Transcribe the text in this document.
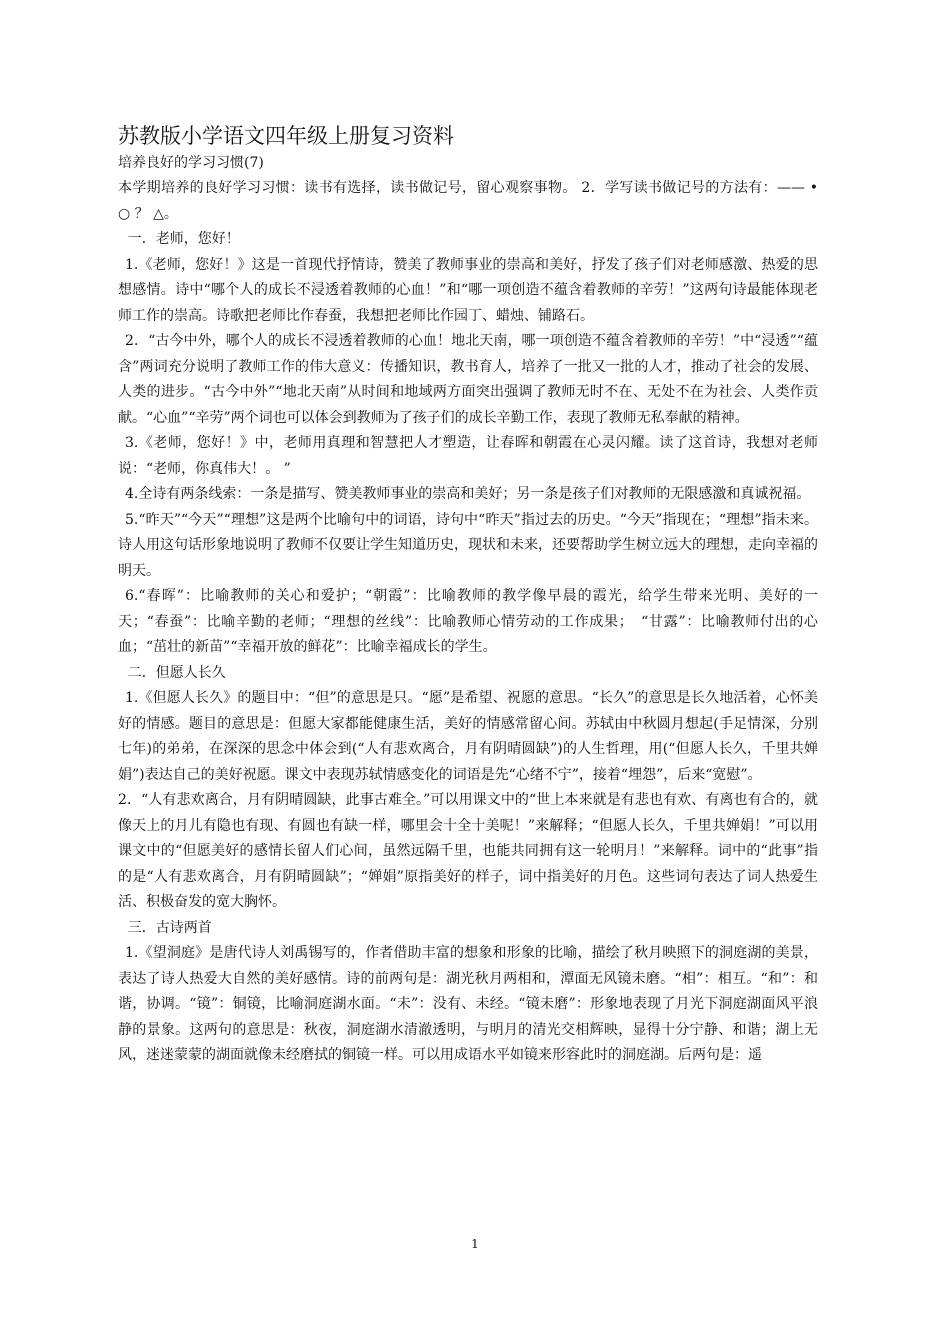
苏教版小学语文四年级上册复习资料

培养良好的学习习惯(7)

本学期培养的良好学习习惯：读书有选择，读书做记号，留心观察事物。 2．学写读书做记号的方法有：—— • ○ ？ △。

一．老师，您好！

1.《老师，您好！》这是一首现代抒情诗，赞美了教师事业的崇高和美好，抒发了孩子们对老师感激、热爱的思想感情。诗中“哪个人的成长不浸透着教师的心血！”和“哪一项创造不蕴含着教师的辛劳！”这两句诗最能体现老师工作的崇高。诗歌把老师比作春蚕，我想把老师比作园丁、蜡烛、铺路石。

2．“古今中外，哪个人的成长不浸透着教师的心血！地北天南，哪一项创造不蕴含着教师的辛劳！”中“浸透”“蕴含”两词充分说明了教师工作的伟大意义：传播知识，教书育人，培养了一批又一批的人才，推动了社会的发展、人类的进步。“古今中外”“地北天南”从时间和地域两方面突出强调了教师无时不在、无处不在为社会、人类作贡献。“心血”“辛劳”两个词也可以体会到教师为了孩子们的成长辛勤工作，表现了教师无私奉献的精神。

3.《老师，您好！》中，老师用真理和智慧把人才塑造，让春晖和朝霞在心灵闪耀。读了这首诗，我想对老师说：“老师，你真伟大！。 ”

4.全诗有两条线索：一条是描写、赞美教师事业的崇高和美好；另一条是孩子们对教师的无限感激和真诚祝福。

5.“昨天”“今天”“理想”这是两个比喻句中的词语，诗句中“昨天”指过去的历史。“今天”指现在；“理想”指未来。诗人用这句话形象地说明了教师不仅要让学生知道历史，现状和未来，还要帮助学生树立远大的理想，走向幸福的明天。

6.“春晖”：比喻教师的关心和爱护；“朝霞”：比喻教师的教学像早晨的霞光，给学生带来光明、美好的一天；“春蚕”：比喻辛勤的老师；“理想的丝线”：比喻教师心情劳动的工作成果；　“甘露”：比喻教师付出的心血；“茁壮的新苗”“幸福开放的鲜花”：比喻幸福成长的学生。

二．但愿人长久

1.《但愿人长久》的题目中：“但”的意思是只。“愿”是希望、祝愿的意思。“长久”的意思是长久地活着，心怀美好的情感。题目的意思是：但愿大家都能健康生活，美好的情感常留心间。苏轼由中秋圆月想起(手足情深，分别七年)的弟弟，在深深的思念中体会到(“人有悲欢离合，月有阴晴圆缺”)的人生哲理，用(“但愿人长久，千里共婵娟”)表达自己的美好祝愿。课文中表现苏轼情感变化的词语是先“心绪不宁”，接着“埋怨”，后来“宽慰”。

2．“人有悲欢离合，月有阴晴圆缺，此事古难全。”可以用课文中的“世上本来就是有悲也有欢、有离也有合的，就像天上的月儿有隐也有现、有圆也有缺一样，哪里会十全十美呢！”来解释；“但愿人长久，千里共婵娟！”可以用课文中的“但愿美好的感情长留人们心间，虽然远隔千里，也能共同拥有这一轮明月！”来解释。词中的“此事”指的是“人有悲欢离合，月有阴晴圆缺”；“婵娟”原指美好的样子，词中指美好的月色。这些词句表达了词人热爱生活、积极奋发的宽大胸怀。

三．古诗两首

1.《望洞庭》是唐代诗人刘禹锡写的，作者借助丰富的想象和形象的比喻，描绘了秋月映照下的洞庭湖的美景，表达了诗人热爱大自然的美好感情。诗的前两句是：湖光秋月两相和，潭面无风镜未磨。“相”：相互。“和”：和谐，协调。“镜”：铜镜，比喻洞庭湖水面。“未”：没有、未经。“镜未磨”：形象地表现了月光下洞庭湖面风平浪静的景象。这两句的意思是：秋夜，洞庭湖水清澈透明，与明月的清光交相辉映，显得十分宁静、和谐；湖上无风，迷迷蒙蒙的湖面就像未经磨拭的铜镜一样。可以用成语水平如镜来形容此时的洞庭湖。后两句是：遥

1
